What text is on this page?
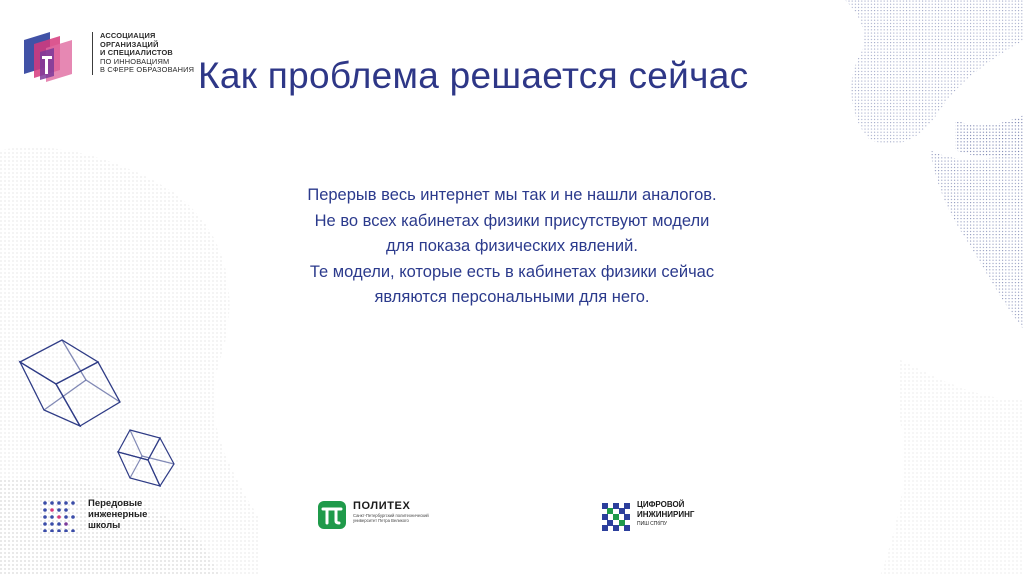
АССОЦИАЦИЯ
ОРГАНИЗАЦИЙ
И СПЕЦИАЛИСТОВ
ПО ИННОВАЦИЯМ
В СФЕРЕ ОБРАЗОВАНИЯ Как проблема решается сейчас
Перерыв весь интернет мы так и не нашли аналогов.
Не во всех кабинетах физики присутствуют модели
для показа физических явлений.
Те модели, которые есть в кабинетах физики сейчас
являются персональными для него.
Передовые
инженерные
школы
ПОЛИТЕХ
Санкт-Петербургский политехнический университет Петра Великого
ЦИФРОВОЙ
ИНЖИНИРИНГ
ПИШ СПбПУ
